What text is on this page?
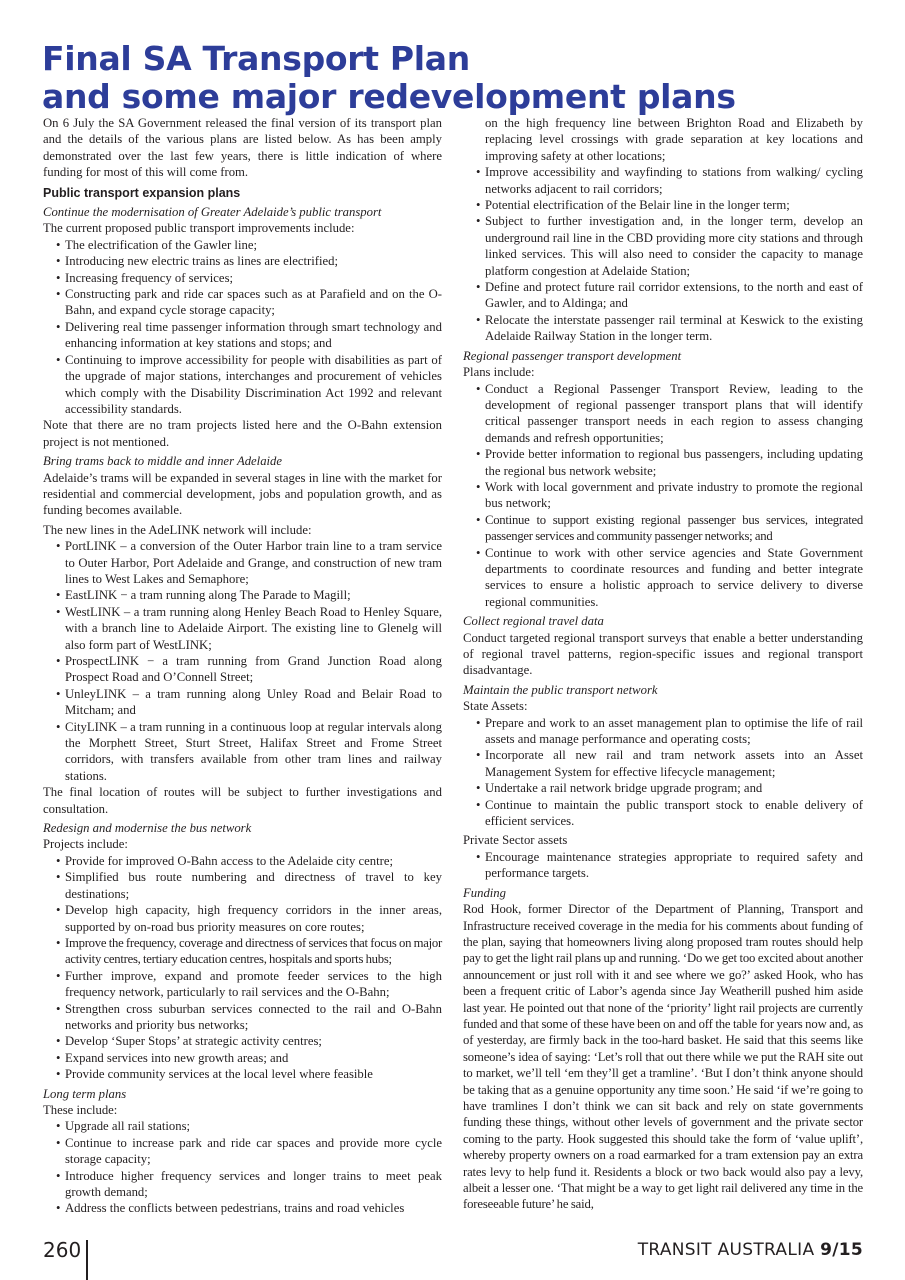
Final SA Transport Plan
and some major redevelopment plans

On 6 July the SA Government released the final version of its transport plan and the details of the various plans are listed below. As has been amply demonstrated over the last few years, there is little indication of where funding for most of this will come from.

Public transport expansion plans

Continue the modernisation of Greater Adelaide’s public transport

The current proposed public transport improvements include:

• The electrification of the Gawler line;
• Introducing new electric trains as lines are electrified;
• Increasing frequency of services;
• Constructing park and ride car spaces such as at Parafield and on the O-Bahn, and expand cycle storage capacity;
• Delivering real time passenger information through smart technology and enhancing information at key stations and stops; and
• Continuing to improve accessibility for people with disabilities as part of the upgrade of major stations, interchanges and procurement of vehicles which comply with the Disability Discrimination Act 1992 and relevant accessibility standards.

Note that there are no tram projects listed here and the O-Bahn extension project is not mentioned.

Bring trams back to middle and inner Adelaide

Adelaide’s trams will be expanded in several stages in line with the market for residential and commercial development, jobs and population growth, and as funding becomes available.

The new lines in the AdeLINK network will include:

• PortLINK – a conversion of the Outer Harbor train line to a tram service to Outer Harbor, Port Adelaide and Grange, and construction of new tram lines to West Lakes and Semaphore;
• EastLINK − a tram running along The Parade to Magill;
• WestLINK – a tram running along Henley Beach Road to Henley Square, with a branch line to Adelaide Airport. The existing line to Glenelg will also form part of WestLINK;
• ProspectLINK − a tram running from Grand Junction Road along Prospect Road and O’Connell Street;
• UnleyLINK – a tram running along Unley Road and Belair Road to Mitcham; and
• CityLINK – a tram running in a continuous loop at regular intervals along the Morphett Street, Sturt Street, Halifax Street and Frome Street corridors, with transfers available from other tram lines and railway stations.

The final location of routes will be subject to further investigations and consultation.

Redesign and modernise the bus network

Projects include:

• Provide for improved O-Bahn access to the Adelaide city centre;
• Simplified bus route numbering and directness of travel to key destinations;
• Develop high capacity, high frequency corridors in the inner areas, supported by on-road bus priority measures on core routes;
• Improve the frequency, coverage and directness of services that focus on major activity centres, tertiary education centres, hospitals and sports hubs;
• Further improve, expand and promote feeder services to the high frequency network, particularly to rail services and the O-Bahn;
• Strengthen cross suburban services connected to the rail and O-Bahn networks and priority bus networks;
• Develop ‘Super Stops’ at strategic activity centres;
• Expand services into new growth areas; and
• Provide community services at the local level where feasible

Long term plans

These include:

• Upgrade all rail stations;
• Continue to increase park and ride car spaces and provide more cycle storage capacity;
• Introduce higher frequency services and longer trains to meet peak growth demand;
• Address the conflicts between pedestrians, trains and road vehicles

on the high frequency line between Brighton Road and Elizabeth by replacing level crossings with grade separation at key locations and improving safety at other locations;

• Improve accessibility and wayfinding to stations from walking/ cycling networks adjacent to rail corridors;
• Potential electrification of the Belair line in the longer term;
• Subject to further investigation and, in the longer term, develop an underground rail line in the CBD providing more city stations and through linked services. This will also need to consider the capacity to manage platform congestion at Adelaide Station;
• Define and protect future rail corridor extensions, to the north and east of Gawler, and to Aldinga; and
• Relocate the interstate passenger rail terminal at Keswick to the existing Adelaide Railway Station in the longer term.

Regional passenger transport development

Plans include:

• Conduct a Regional Passenger Transport Review, leading to the development of regional passenger transport plans that will identify critical passenger transport needs in each region to assess changing demands and refresh opportunities;
• Provide better information to regional bus passengers, including updating the regional bus network website;
• Work with local government and private industry to promote the regional bus network;
• Continue to support existing regional passenger bus services, integrated passenger services and community passenger networks; and
• Continue to work with other service agencies and State Government departments to coordinate resources and funding and better integrate services to ensure a holistic approach to service delivery to diverse regional communities.

Collect regional travel data

Conduct targeted regional transport surveys that enable a better understanding of regional travel patterns, region-specific issues and regional transport disadvantage.

Maintain the public transport network

State Assets:

• Prepare and work to an asset management plan to optimise the life of rail assets and manage performance and operating costs;
• Incorporate all new rail and tram network assets into an Asset Management System for effective lifecycle management;
• Undertake a rail network bridge upgrade program; and
• Continue to maintain the public transport stock to enable delivery of efficient services.

Private Sector assets

• Encourage maintenance strategies appropriate to required safety and performance targets.

Funding

Rod Hook, former Director of the Department of Planning, Transport and Infrastructure received coverage in the media for his comments about funding of the plan, saying that homeowners living along proposed tram routes should help pay to get the light rail plans up and running. ‘Do we get too excited about another announcement or just roll with it and see where we go?’ asked Hook, who has been a frequent critic of Labor’s agenda since Jay Weatherill pushed him aside last year. He pointed out that none of the ‘priority’ light rail projects are currently funded and that some of these have been on and off the table for years now and, as of yesterday, are firmly back in the too-hard basket. He said that this seems like someone’s idea of saying: ‘Let’s roll that out there while we put the RAH site out to market, we’ll tell ‘em they’ll get a tramline’. ‘But I don’t think anyone should be taking that as a genuine opportunity any time soon.’ He said ‘if we’re going to have tramlines I don’t think we can sit back and rely on state governments funding these things, without other levels of government and the private sector coming to the party. Hook suggested this should take the form of ‘value uplift’, whereby property owners on a road earmarked for a tram extension pay an extra rates levy to help fund it. Residents a block or two back would also pay a levy, albeit a lesser one. ‘That might be a way to get light rail delivered any time in the foreseeable future’ he said,

260	TRANSIT AUSTRALIA 9/15
